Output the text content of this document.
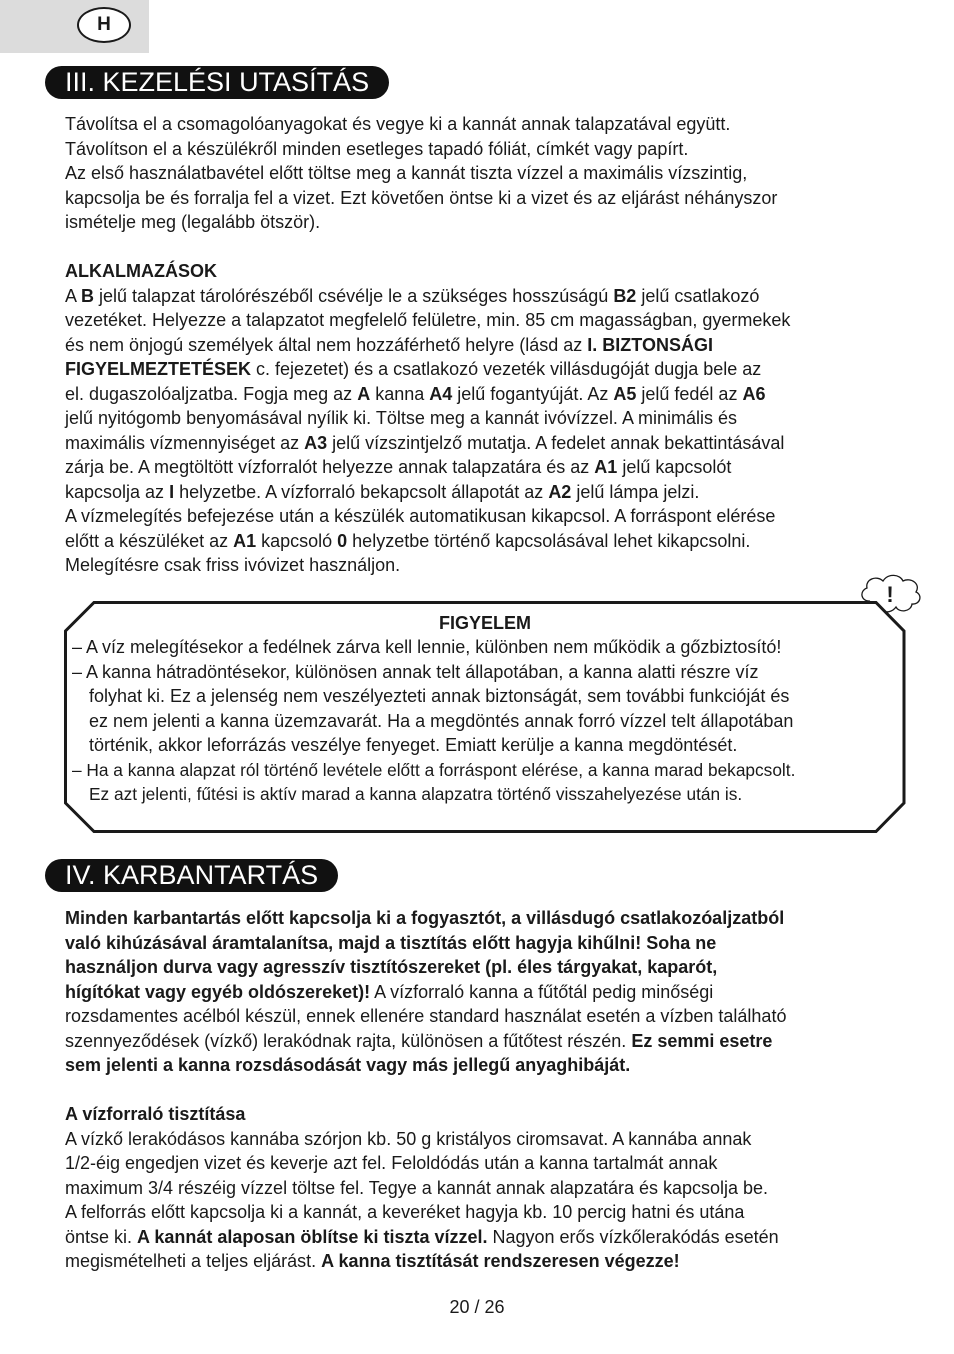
H
III. KEZELÉSI UTASÍTÁS

Távolítsa el a csomagolóanyagokat és vegye ki a kannát annak talapzatával együtt.

Távolítson el a készülékről minden esetleges tapadó fóliát, címkét vagy papírt.

Az első használatbavétel előtt töltse meg a kannát tiszta vízzel a maximális vízszintig,

kapcsolja be és forralja fel a vizet. Ezt követően öntse ki a vizet és az eljárást néhányszor

ismételje meg (legalább ötször).

ALKALMAZÁSOK

A B jelű talapzat tárolórészéből csévélje le a szükséges hosszúságú B2 jelű csatlakozó

vezetéket. Helyezze a talapzatot megfelelő felületre, min. 85 cm magasságban, gyermekek

és nem önjogú személyek által nem hozzáférhető helyre (lásd az I. BIZTONSÁGI

FIGYELMEZTETÉSEK c. fejezetet) és a csatlakozó vezeték villásdugóját dugja bele az

el. dugaszolóaljzatba. Fogja meg az A kanna A4 jelű fogantyúját. Az A5 jelű fedél az A6

jelű nyitógomb benyomásával nyílik ki. Töltse meg a kannát ivóvízzel. A minimális és

maximális vízmennyiséget az A3 jelű vízszintjelző mutatja. A fedelet annak bekattintásával

zárja be. A megtöltött vízforralót helyezze annak talapzatára és az A1 jelű kapcsolót

kapcsolja az I helyzetbe. A vízforraló bekapcsolt állapotát az A2 jelű lámpa jelzi.

A vízmelegítés befejezése után a készülék automatikusan kikapcsol. A forráspont elérése

előtt a készüléket az A1 kapcsoló 0 helyzetbe történő kapcsolásával lehet kikapcsolni.

Melegítésre csak friss ivóvizet használjon.

!
FIGYELEM
– A víz melegítésekor a fedélnek zárva kell lennie, különben nem működik a gőzbiztosító!
– A kanna hátradöntésekor, különösen annak telt állapotában, a kanna alatti részre víz
folyhat ki. Ez a jelenség nem veszélyezteti annak biztonságát, sem további funkcióját és
ez nem jelenti a kanna üzemzavarát. Ha a megdöntés annak forró vízzel telt állapotában
történik, akkor leforrázás veszélye fenyeget. Emiatt kerülje a kanna megdöntését.
– Ha a kanna alapzat ról történő levétele előtt a forráspont elérése, a kanna marad bekapcsolt.
Ez azt jelenti, fűtési is aktív marad a kanna alapzatra történő visszahelyezése után is.
IV. KARBANTARTÁS

Minden karbantartás előtt kapcsolja ki a fogyasztót, a villásdugó csatlakozóaljzatból

való kihúzásával áramtalanítsa, majd a tisztítás előtt hagyja kihűlni! Soha ne

használjon durva vagy agresszív tisztítószereket (pl. éles tárgyakat, kaparót,

hígítókat vagy egyéb oldószereket)! A vízforraló kanna a fűtőtál pedig minőségi

rozsdamentes acélból készül, ennek ellenére standard használat esetén a vízben található

szennyeződések (vízkő) lerakódnak rajta, különösen a fűtőtest részén. Ez semmi esetre

sem jelenti a kanna rozsdásodását vagy más jellegű anyaghibáját.

A vízforraló tisztítása

A vízkő lerakódásos kannába szórjon kb. 50 g kristályos ciromsavat. A kannába annak

1/2-éig engedjen vizet és keverje azt fel. Feloldódás után a kanna tartalmát annak

maximum 3/4 részéig vízzel töltse fel. Tegye a kannát annak alapzatára és kapcsolja be.

A felforrás előtt kapcsolja ki a kannát, a keveréket hagyja kb. 10 percig hatni és utána

öntse ki. A kannát alaposan öblítse ki tiszta vízzel. Nagyon erős vízkőlerakódás esetén

megismételheti a teljes eljárást. A kanna tisztítását rendszeresen végezze!

20 / 26
